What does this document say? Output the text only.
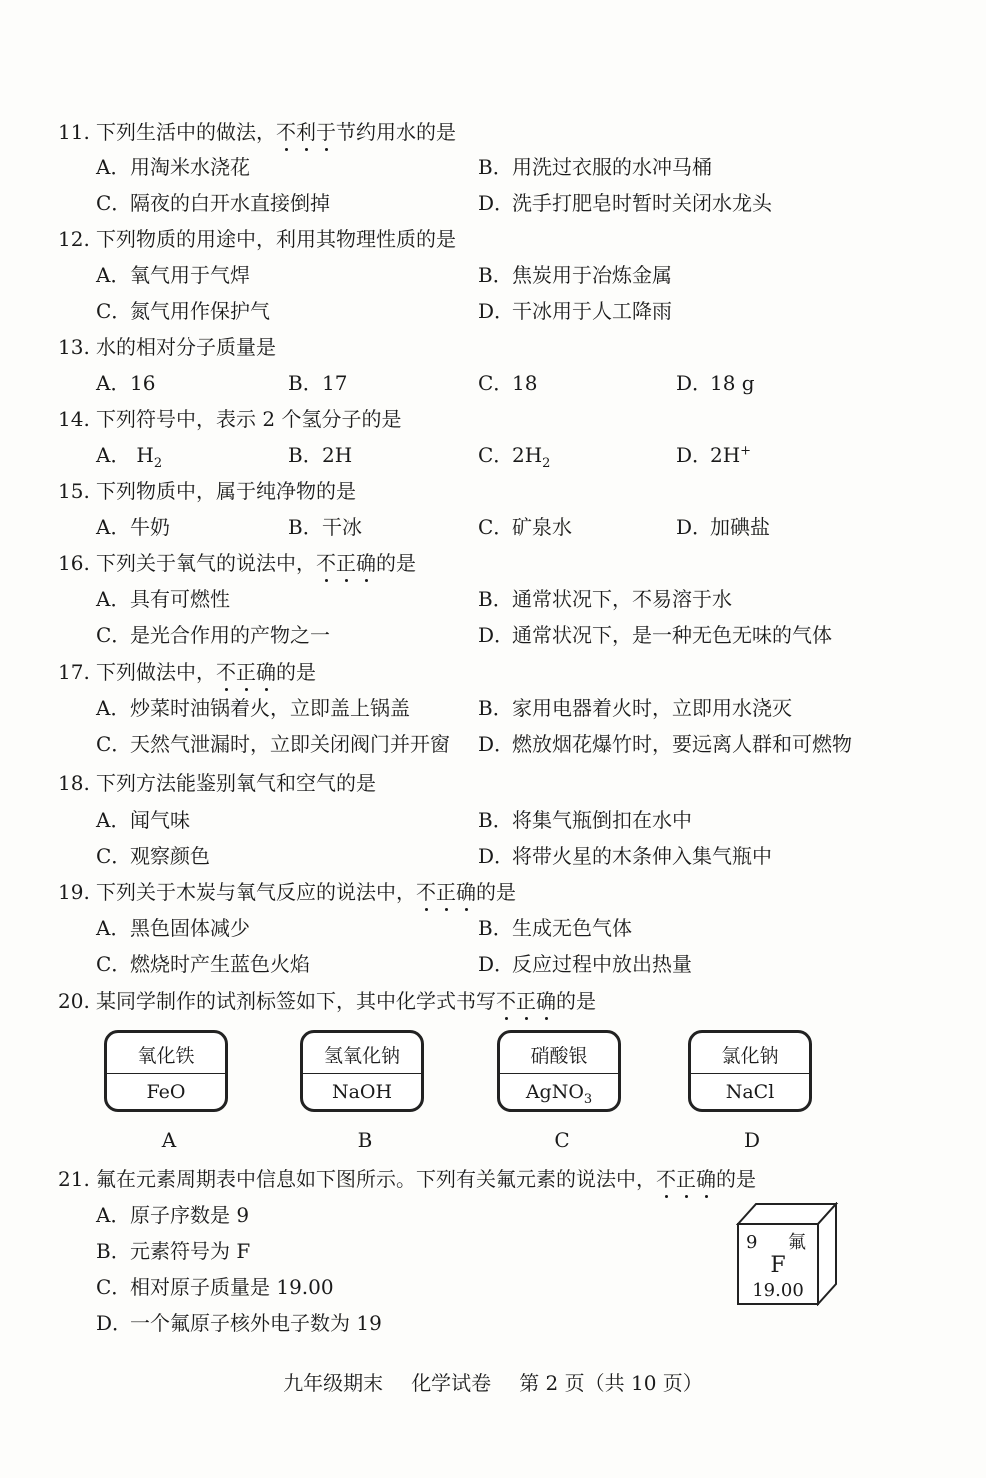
11. 下列生活中的做法，不利于节约用水的是
A．用淘米水浇花	B．用洗过衣服的水冲马桶
C．隔夜的白开水直接倒掉	D．洗手打肥皂时暂时关闭水龙头
12. 下列物质的用途中，利用其物理性质的是
A．氧气用于气焊	B．焦炭用于冶炼金属
C．氮气用作保护气	D．干冰用于人工降雨
13. 水的相对分子质量是
A．16	B．17	C．18	D．18 g
14. 下列符号中，表示 2 个氢分子的是
A． $H_2$	B．2H	C．$2H_2$	D．2H+
15. 下列物质中，属于纯净物的是
A．牛奶	B．干冰	C．矿泉水	D．加碘盐
16. 下列关于氧气的说法中，不正确的是
A．具有可燃性	B．通常状况下，不易溶于水
C．是光合作用的产物之一	D．通常状况下，是一种无色无味的气体
17. 下列做法中，不正确的是
A．炒菜时油锅着火，立即盖上锅盖	B．家用电器着火时，立即用水浇灭
C．天然气泄漏时，立即关闭阀门并开窗 D．燃放烟花爆竹时，要远离人群和可燃物
18. 下列方法能鉴别氧气和空气的是
A．闻气味	B．将集气瓶倒扣在水中
C．观察颜色	D．将带火星的木条伸入集气瓶中
19. 下列关于木炭与氧气反应的说法中，不正确的是
A．黑色固体减少	B．生成无色气体
C．燃烧时产生蓝色火焰	D．反应过程中放出热量
20. 某同学制作的试剂标签如下，其中化学式书写不正确的是
氧化铁
FeO
A
氢氧化钠
NaOH
B
硝酸银
AgNO$_3$
C
氯化钠
NaCl
D
21. 氟在元素周期表中信息如下图所示。下列有关氟元素的说法中，不正确的是
A．原子序数是 9
B．元素符号为 F
C．相对原子质量是 19.00
D．一个氟原子核外电子数为 19
9 氟
F
19.00
九年级期末 化学试卷 第 2 页（共 10 页）
